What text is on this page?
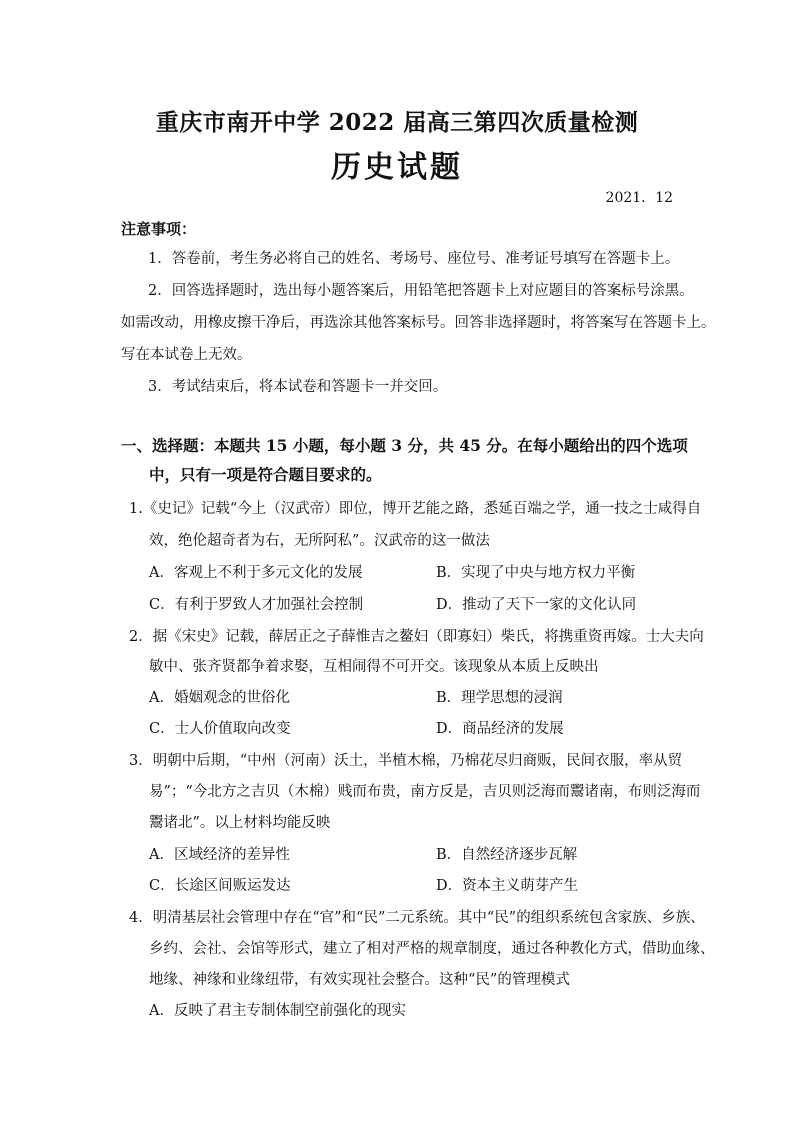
重庆市南开中学 2022 届高三第四次质量检测
历史试题
2021．12
注意事项：
1．答卷前，考生务必将自己的姓名、考场号、座位号、准考证号填写在答题卡上。
2．回答选择题时，选出每小题答案后，用铅笔把答题卡上对应题目的答案标号涂黑。
如需改动，用橡皮擦干净后，再选涂其他答案标号。回答非选择题时，将答案写在答题卡上。
写在本试卷上无效。
3．考试结束后，将本试卷和答题卡一并交回。
一、选择题：本题共 15 小题，每小题 3 分，共 45 分。在每小题给出的四个选项
中，只有一项是符合题目要求的。
1.《史记》记载“今上（汉武帝）即位，博开艺能之路，悉延百端之学，通一技之士咸得自
效，绝伦超奇者为右，无所阿私”。汉武帝的这一做法
A．客观上不利于多元文化的发展	B．实现了中央与地方权力平衡
C．有利于罗致人才加强社会控制	D．推动了天下一家的文化认同
2．据《宋史》记载，薛居正之子薛惟吉之鳌妇（即寡妇）柴氏，将携重资再嫁。士大夫向
敏中、张齐贤都争着求娶，互相闹得不可开交。该现象从本质上反映出
A．婚姻观念的世俗化	B．理学思想的浸润
C．士人价值取向改变	D．商品经济的发展
3．明朝中后期，“中州（河南）沃土，半植木棉，乃棉花尽归商贩，民间衣服，率从贸
易”；“今北方之吉贝（木棉）贱而布贵，南方反是，吉贝则泛海而鬻诸南，布则泛海而
鬻诸北”。以上材料均能反映
A．区域经济的差异性	B．自然经济逐步瓦解
C．长途区间贩运发达	D．资本主义萌芽产生
4．明清基层社会管理中存在“官”和“民”二元系统。其中“民”的组织系统包含家族、乡族、
乡约、会社、会馆等形式，建立了相对严格的规章制度，通过各种教化方式，借助血缘、
地缘、神缘和业缘纽带，有效实现社会整合。这种“民”的管理模式
A．反映了君主专制体制空前强化的现实
